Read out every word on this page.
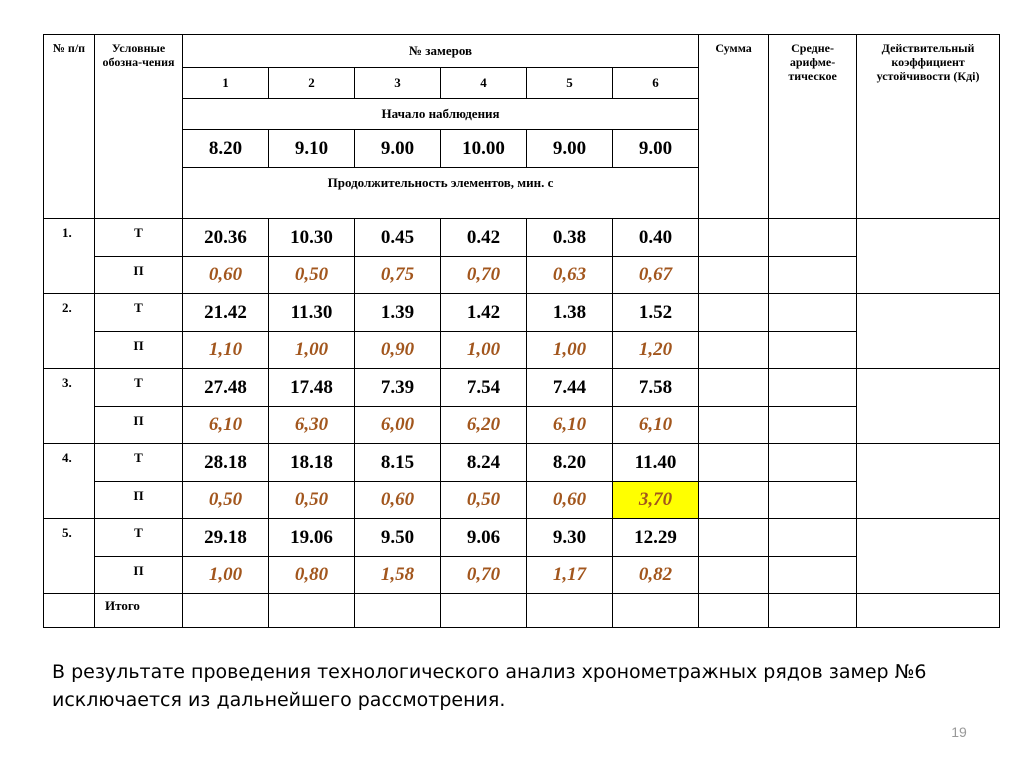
№ п/п	Условные обозна-чения	№ замеров						Сумма	Средне-арифме-тическое	Действительный коэффициент устойчивости (Кдi)
		1	2	3	4	5	6			
		Начало наблюдения								
		8.20	9.10	9.00	10.00	9.00	9.00			
		Продолжительность элементов, мин. с								
1.	Т	20.36	10.30	0.45	0.42	0.38	0.40			
	П	0,60	0,50	0,75	0,70	0,63	0,67			
2.	Т	21.42	11.30	1.39	1.42	1.38	1.52			
	П	1,10	1,00	0,90	1,00	1,00	1,20			
3.	Т	27.48	17.48	7.39	7.54	7.44	7.58			
	П	6,10	6,30	6,00	6,20	6,10	6,10			
4.	Т	28.18	18.18	8.15	8.24	8.20	11.40			
	П	0,50	0,50	0,60	0,50	0,60	3,70			
5.	Т	29.18	19.06	9.50	9.06	9.30	12.29			
	П	1,00	0,80	1,58	0,70	1,17	0,82			
	Итого									
В результате проведения технологического анализ хронометражных рядов замер №6 исключается из дальнейшего рассмотрения.
19
